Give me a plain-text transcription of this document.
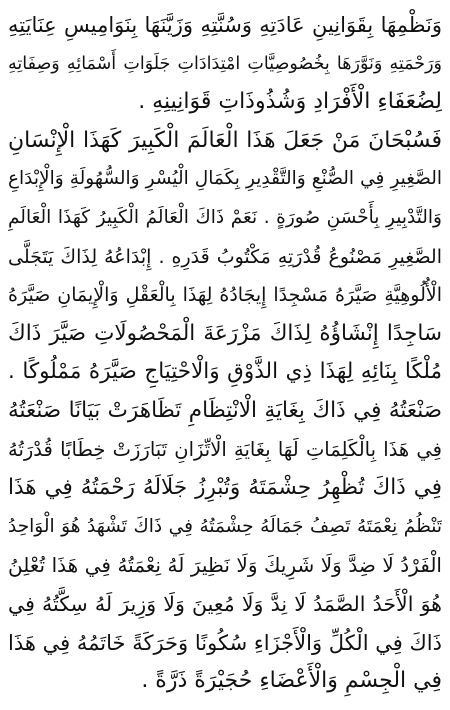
وَنَظْمِهَا بِقَوَانِينِ عَادَتِهِ وَسُنَّتِهِ وَزَيَّنَهَا بِنَوَامِيسِ عِنَايَتِهِ
وَرَحْمَتِهِ وَنَوَّرَهَا بِخُصُوصِيَّاتِ امْتِدَادَاتِ جَلَوَاتِ أَسْمَائِهِ وَصِفَاتِهِ
لِضُعَفَاءِ الْأَفْرَادِ وَشُذُوذَاتِ قَوَانِينِهِ .
فَسُبْحَانَ مَنْ جَعَلَ هَذَا الْعَالَمَ الْكَبِيرَ كَهَذَا الْإِنْسَانِ
الصَّغِيرِ فِي الصُّنْعِ وَالتَّقْدِيرِ بِكَمَالِ الْيُسْرِ وَالسُّهُولَةِ وَالْإِبْدَاعِ
وَالتَّدْبِيرِ بِأَحْسَنِ صُورَةٍ . نَعَمْ ذَاكَ الْعَالَمُ الْكَبِيرُ كَهَذَا الْعَالَمِ
الصَّغِيرِ مَصْنُوعُ قُدْرَتِهِ مَكْتُوبُ قَدَرِهِ . إِبْدَاعُهُ لِذَاكَ يَتَجَلَّى
الْأُلُوهِيَّةِ صَيَّرَهُ مَسْجِدًا إِيجَادُهُ لِهَذَا بِالْعَقْلِ وَالْإِيمَانِ صَيَّرَهُ
سَاجِدًا إِنْشَاؤُهُ لِذَاكَ مَزْرَعَةَ الْمَحْصُولَاتِ صَيَّرَ ذَاكَ
مُلْكًا بِنَائِهِ لِهَذَا ذِي الذَّوْقِ وَالْاحْتِيَاجِ صَيَّرَهُ مَمْلُوكًا .
صَنْعَتُهُ فِي ذَاكَ بِغَايَةِ الْانْتِظَامِ تَظَاهَرَتْ بَيَانًا صَنْعَتُهُ
فِي هَذَا بِالْكَلِمَاتِ لَهَا بِغَايَةِ الْاتِّزَانِ تَبَارَزَتْ خِطَابًا قُدْرَتُهُ
فِي ذَاكَ تُظْهِرُ حِشْمَتَهُ وَتُبْرِزُ جَلَالَهُ رَحْمَتُهُ فِي هَذَا
تَنْظُمُ نِعْمَتَهُ تَصِفُ جَمَالَهُ حِشْمَتُهُ فِي ذَاكَ تَشْهَدُ هُوَ الْوَاحِدُ
الْفَرْدُ لَا ضِدَّ وَلَا شَرِيكَ وَلَا نَظِيرَ لَهُ نِعْمَتُهُ فِي هَذَا تُعْلِنُ
هُوَ الْأَحَدُ الصَّمَدُ لَا نِدَّ وَلَا مُعِينَ وَلَا وَزِيرَ لَهُ سِكَّتُهُ فِي
ذَاكَ فِي الْكُلِّ وَالْأَجْزَاءِ سُكُونًا وَحَرَكَةً خَاتَمُهُ فِي هَذَا
فِي الْجِسْمِ وَالْأَعْضَاءِ حُجَيْرَةً ذَرَّةً .
